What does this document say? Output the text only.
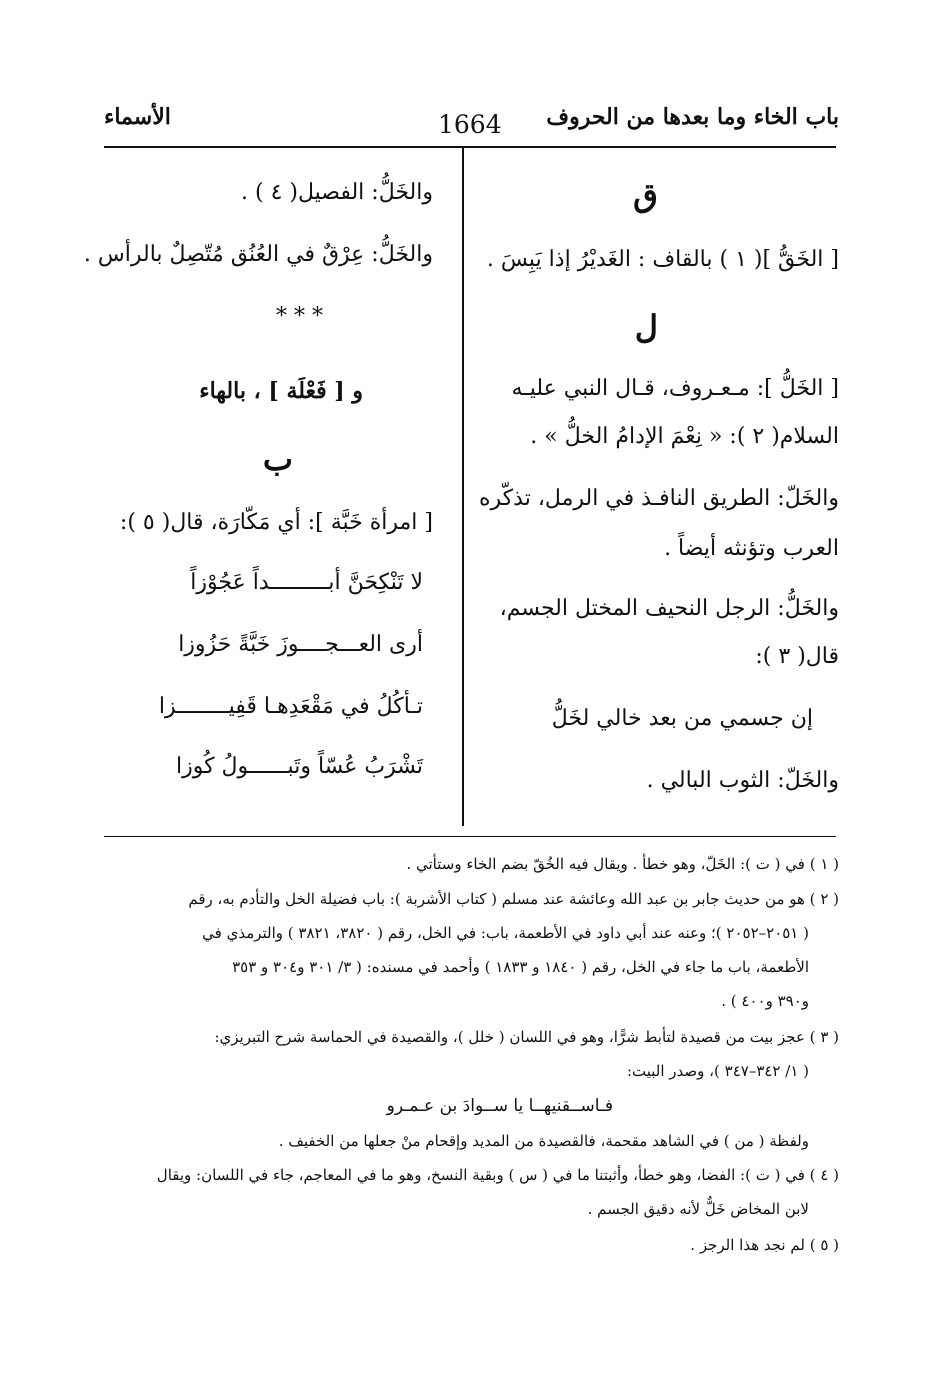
باب الخاء وما بعدها من الحروف
1664
الأسماء
ق
[ الخَقُّ ]( ١ ) بالقاف : الغَديْرُ إذا يَبِسَ .
ل
[ الخَلُّ ]: مـعـروف، قـال النبي عليـه
السلام( ٢ ): « نِعْمَ الإدامُ الخلُّ » .
والخَلّ: الطريق النافـذ في الرمل، تذكّره
العرب وتؤنثه أيضاً .
والخَلُّ: الرجل النحيف المختل الجسم،
قال( ٣ ):
إن جسمي من بعد خالي لخَلُّ
والخَلّ: الثوب البالي .
والخَلُّ: الفصيل( ٤ ) .
والخَلُّ: عِرْقٌ في العُنُق مُتّصِلٌ بالرأس .
* * *
و [ فَعْلَة ] ، بالهاء
ب
[ امرأة خَبَّة ]: أي مَكّارَة، قال( ٥ ):
لا تَنْكِحَنَّ أبـــــــــداً عَجُوْزاً
أرى العـــجــــوزَ خَبَّةً حَزُوزا
تـأكُلُ في مَقْعَدِهـا قَفِيــــــــزا
تَشْرَبُ عُسّاً وتَبــــــولُ كُوزا
( ١ ) في ( ت ): الخَلّ، وهو خطأ . ويقال فيه الخُقّ بضم الخاء وستأتي .
( ٢ ) هو من حديث جابر بن عبد الله وعائشة عند مسلم ( كتاب الأشربة ): باب فضيلة الخل والتأدم به، رقم
( ٢٠٥١–٢٠٥٢ )؛ وعنه عند أبي داود في الأطعمة، باب: في الخل، رقم ( ٣٨٢٠، ٣٨٢١ ) والترمذي في
الأطعمة، باب ما جاء في الخل، رقم ( ١٨٤٠ و ١٨٣٣ ) وأحمد في مسنده: ( ٣/ ٣٠١ و٣٠٤ و ٣٥٣
و٣٩٠ و٤٠٠ ) .
( ٣ ) عجز بيت من قصيدة لتأبط شرًّا، وهو في اللسان ( خلل )، والقصيدة في الحماسة شرح التبريزي:
( ١/ ٣٤٢–٣٤٧ )، وصدر البيت:
فـاســقنيهــا يا ســوادَ بن عـمـرو
ولفظة ( من ) في الشاهد مقحمة، فالقصيدة من المديد وإقحام منْ جعلها من الخفيف .
( ٤ ) في ( ت ): الفضا، وهو خطأ، وأثبتنا ما في ( س ) وبقية النسخ، وهو ما في المعاجم، جاء في اللسان: ويقال
لابن المخاض خَلٌّ لأنه دقيق الجسم .
( ٥ ) لم نجد هذا الرجز .
